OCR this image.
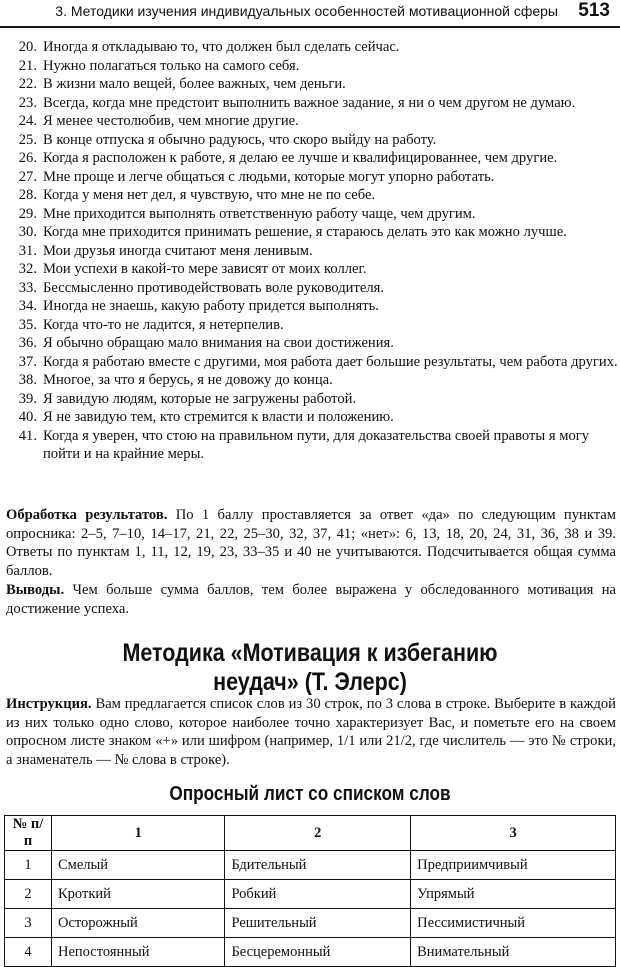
3. Методики изучения индивидуальных особенностей мотивационной сферы 513
20. Иногда я откладываю то, что должен был сделать сейчас.
21. Нужно полагаться только на самого себя.
22. В жизни мало вещей, более важных, чем деньги.
23. Всегда, когда мне предстоит выполнить важное задание, я ни о чем другом не думаю.
24. Я менее честолюбив, чем многие другие.
25. В конце отпуска я обычно радуюсь, что скоро выйду на работу.
26. Когда я расположен к работе, я делаю ее лучше и квалифицированнее, чем другие.
27. Мне проще и легче общаться с людьми, которые могут упорно работать.
28. Когда у меня нет дел, я чувствую, что мне не по себе.
29. Мне приходится выполнять ответственную работу чаще, чем другим.
30. Когда мне приходится принимать решение, я стараюсь делать это как можно лучше.
31. Мои друзья иногда считают меня ленивым.
32. Мои успехи в какой-то мере зависят от моих коллег.
33. Бессмысленно противодействовать воле руководителя.
34. Иногда не знаешь, какую работу придется выполнять.
35. Когда что-то не ладится, я нетерпелив.
36. Я обычно обращаю мало внимания на свои достижения.
37. Когда я работаю вместе с другими, моя работа дает большие результаты, чем работа других.
38. Многое, за что я берусь, я не довожу до конца.
39. Я завидую людям, которые не загружены работой.
40. Я не завидую тем, кто стремится к власти и положению.
41. Когда я уверен, что стою на правильном пути, для доказательства своей правоты я могу пойти и на крайние меры.
Обработка результатов. По 1 баллу проставляется за ответ «да» по следующим пунктам опросника: 2–5, 7–10, 14–17, 21, 22, 25–30, 32, 37, 41; «нет»: 6, 13, 18, 20, 24, 31, 36, 38 и 39. Ответы по пунктам 1, 11, 12, 19, 23, 33–35 и 40 не учитываются. Подсчитывается общая сумма баллов.
Выводы. Чем больше сумма баллов, тем более выражена у обследованного мотивация на достижение успеха.
Методика «Мотивация к избеганию
неудач» (Т. Элерс)
Инструкция. Вам предлагается список слов из 30 строк, по 3 слова в строке. Выберите в каждой из них только одно слово, которое наиболее точно характеризует Вас, и пометьте его на своем опросном листе знаком «+» или шифром (например, 1/1 или 21/2, где числитель — это № строки, а знаменатель — № слова в строке).
Опросный лист со списком слов
№ п/п	1	2	3
1	Смелый	Бдительный	Предприимчивый
2	Кроткий	Робкий	Упрямый
3	Осторожный	Решительный	Пессимистичный
4	Непостоянный	Бесцеремонный	Внимательный
